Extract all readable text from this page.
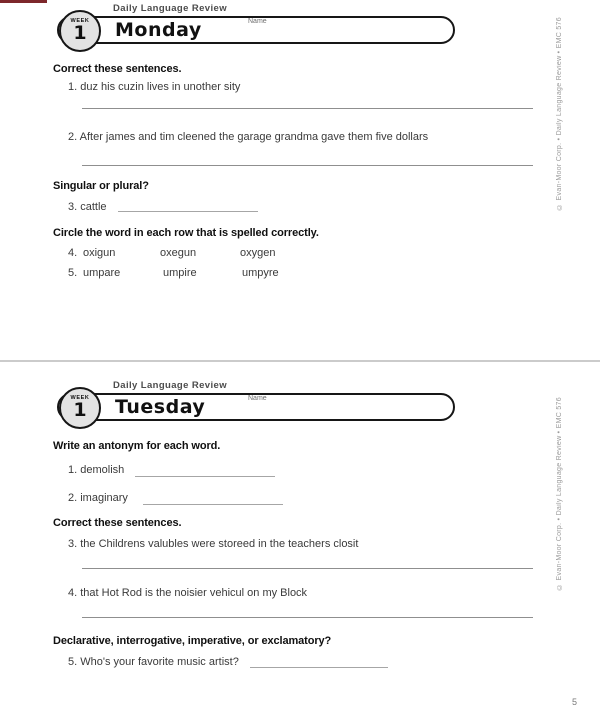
Daily Language Review
WEEK
1	Monday	Name
Correct these sentences.
1. duz his cuzin lives in unother sity
2. After james and tim cleened the garage grandma gave them five dollars
Singular or plural?
3. cattle
Circle the word in each row that is spelled correctly.
4. oxigun	oxegun	oxygen
5. umpare	umpire	umpyre
© Evan-Moor Corp. • Daily Language Review • EMC 576
Daily Language Review
WEEK
1	Tuesday	Name
Write an antonym for each word.
1. demolish
2. imaginary
Correct these sentences.
3. the Childrens valubles were storeed in the teachers closit
4. that Hot Rod is the noisier vehicul on my Block
Declarative, interrogative, imperative, or exclamatory?
5. Who's your favorite music artist?
© Evan-Moor Corp. • Daily Language Review • EMC 576
5
